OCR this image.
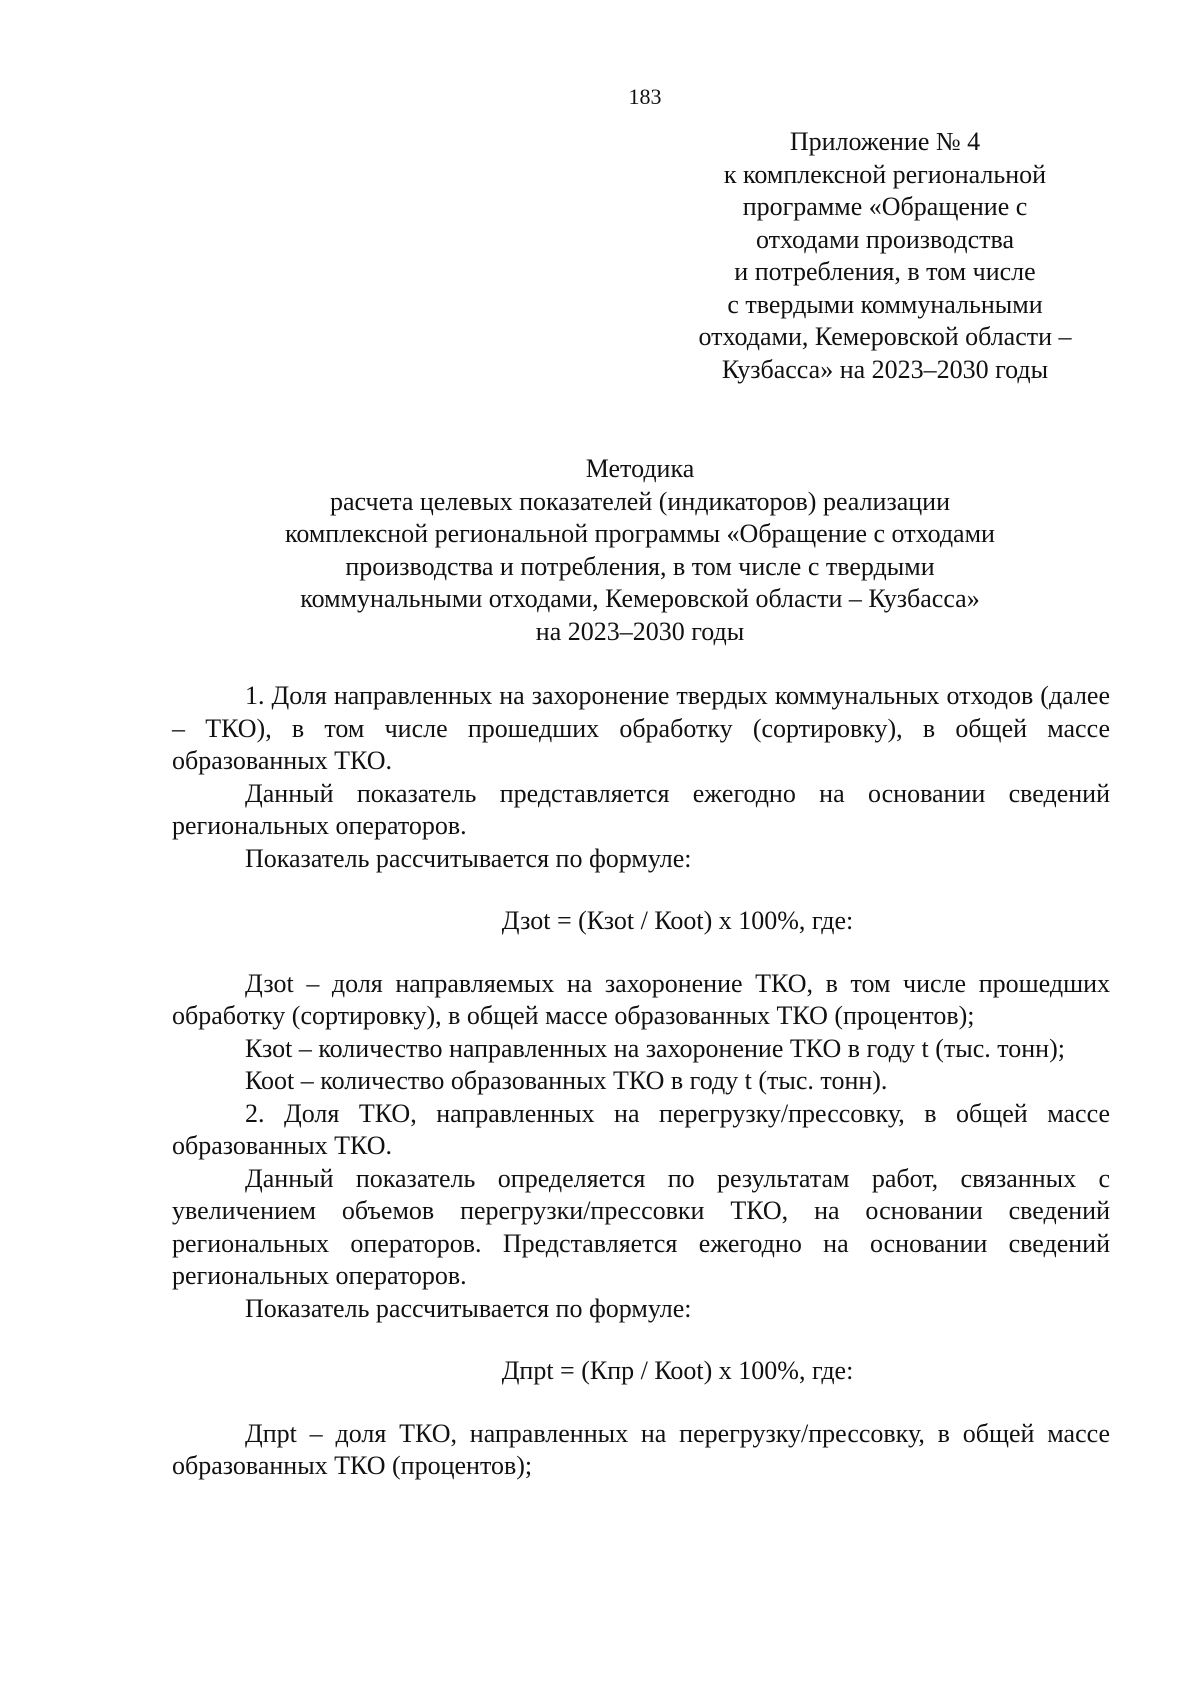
183
Приложение № 4
к комплексной региональной
программе «Обращение с
отходами производства
и потребления, в том числе
с твердыми коммунальными
отходами, Кемеровской области –
Кузбасса» на 2023–2030 годы
Методика
расчета целевых показателей (индикаторов) реализации
комплексной региональной программы «Обращение с отходами
производства и потребления, в том числе с твердыми
коммунальными отходами, Кемеровской области – Кузбасса»
на 2023–2030 годы

1. Доля направленных на захоронение твердых коммунальных отходов (далее – ТКО), в том числе прошедших обработку (сортировку), в общей массе образованных ТКО.

Данный показатель представляется ежегодно на основании сведений региональных операторов.

Показатель рассчитывается по формуле:

Дзоt = (Кзоt / Коot) х 100%, где:

Дзоt – доля направляемых на захоронение ТКО, в том числе прошедших обработку (сортировку), в общей массе образованных ТКО (процентов);

Кзоt – количество направленных на захоронение ТКО в году t (тыс. тонн);

Коot – количество образованных ТКО в году t (тыс. тонн).

2. Доля ТКО, направленных на перегрузку/прессовку, в общей массе образованных ТКО.

Данный показатель определяется по результатам работ, связанных с увеличением объемов перегрузки/прессовки ТКО, на основании сведений региональных операторов. Представляется ежегодно на основании сведений региональных операторов.

Показатель рассчитывается по формуле:

Дпрt = (Кпр / Коot) х 100%, где:

Дпрt – доля ТКО, направленных на перегрузку/прессовку, в общей массе образованных ТКО (процентов);
